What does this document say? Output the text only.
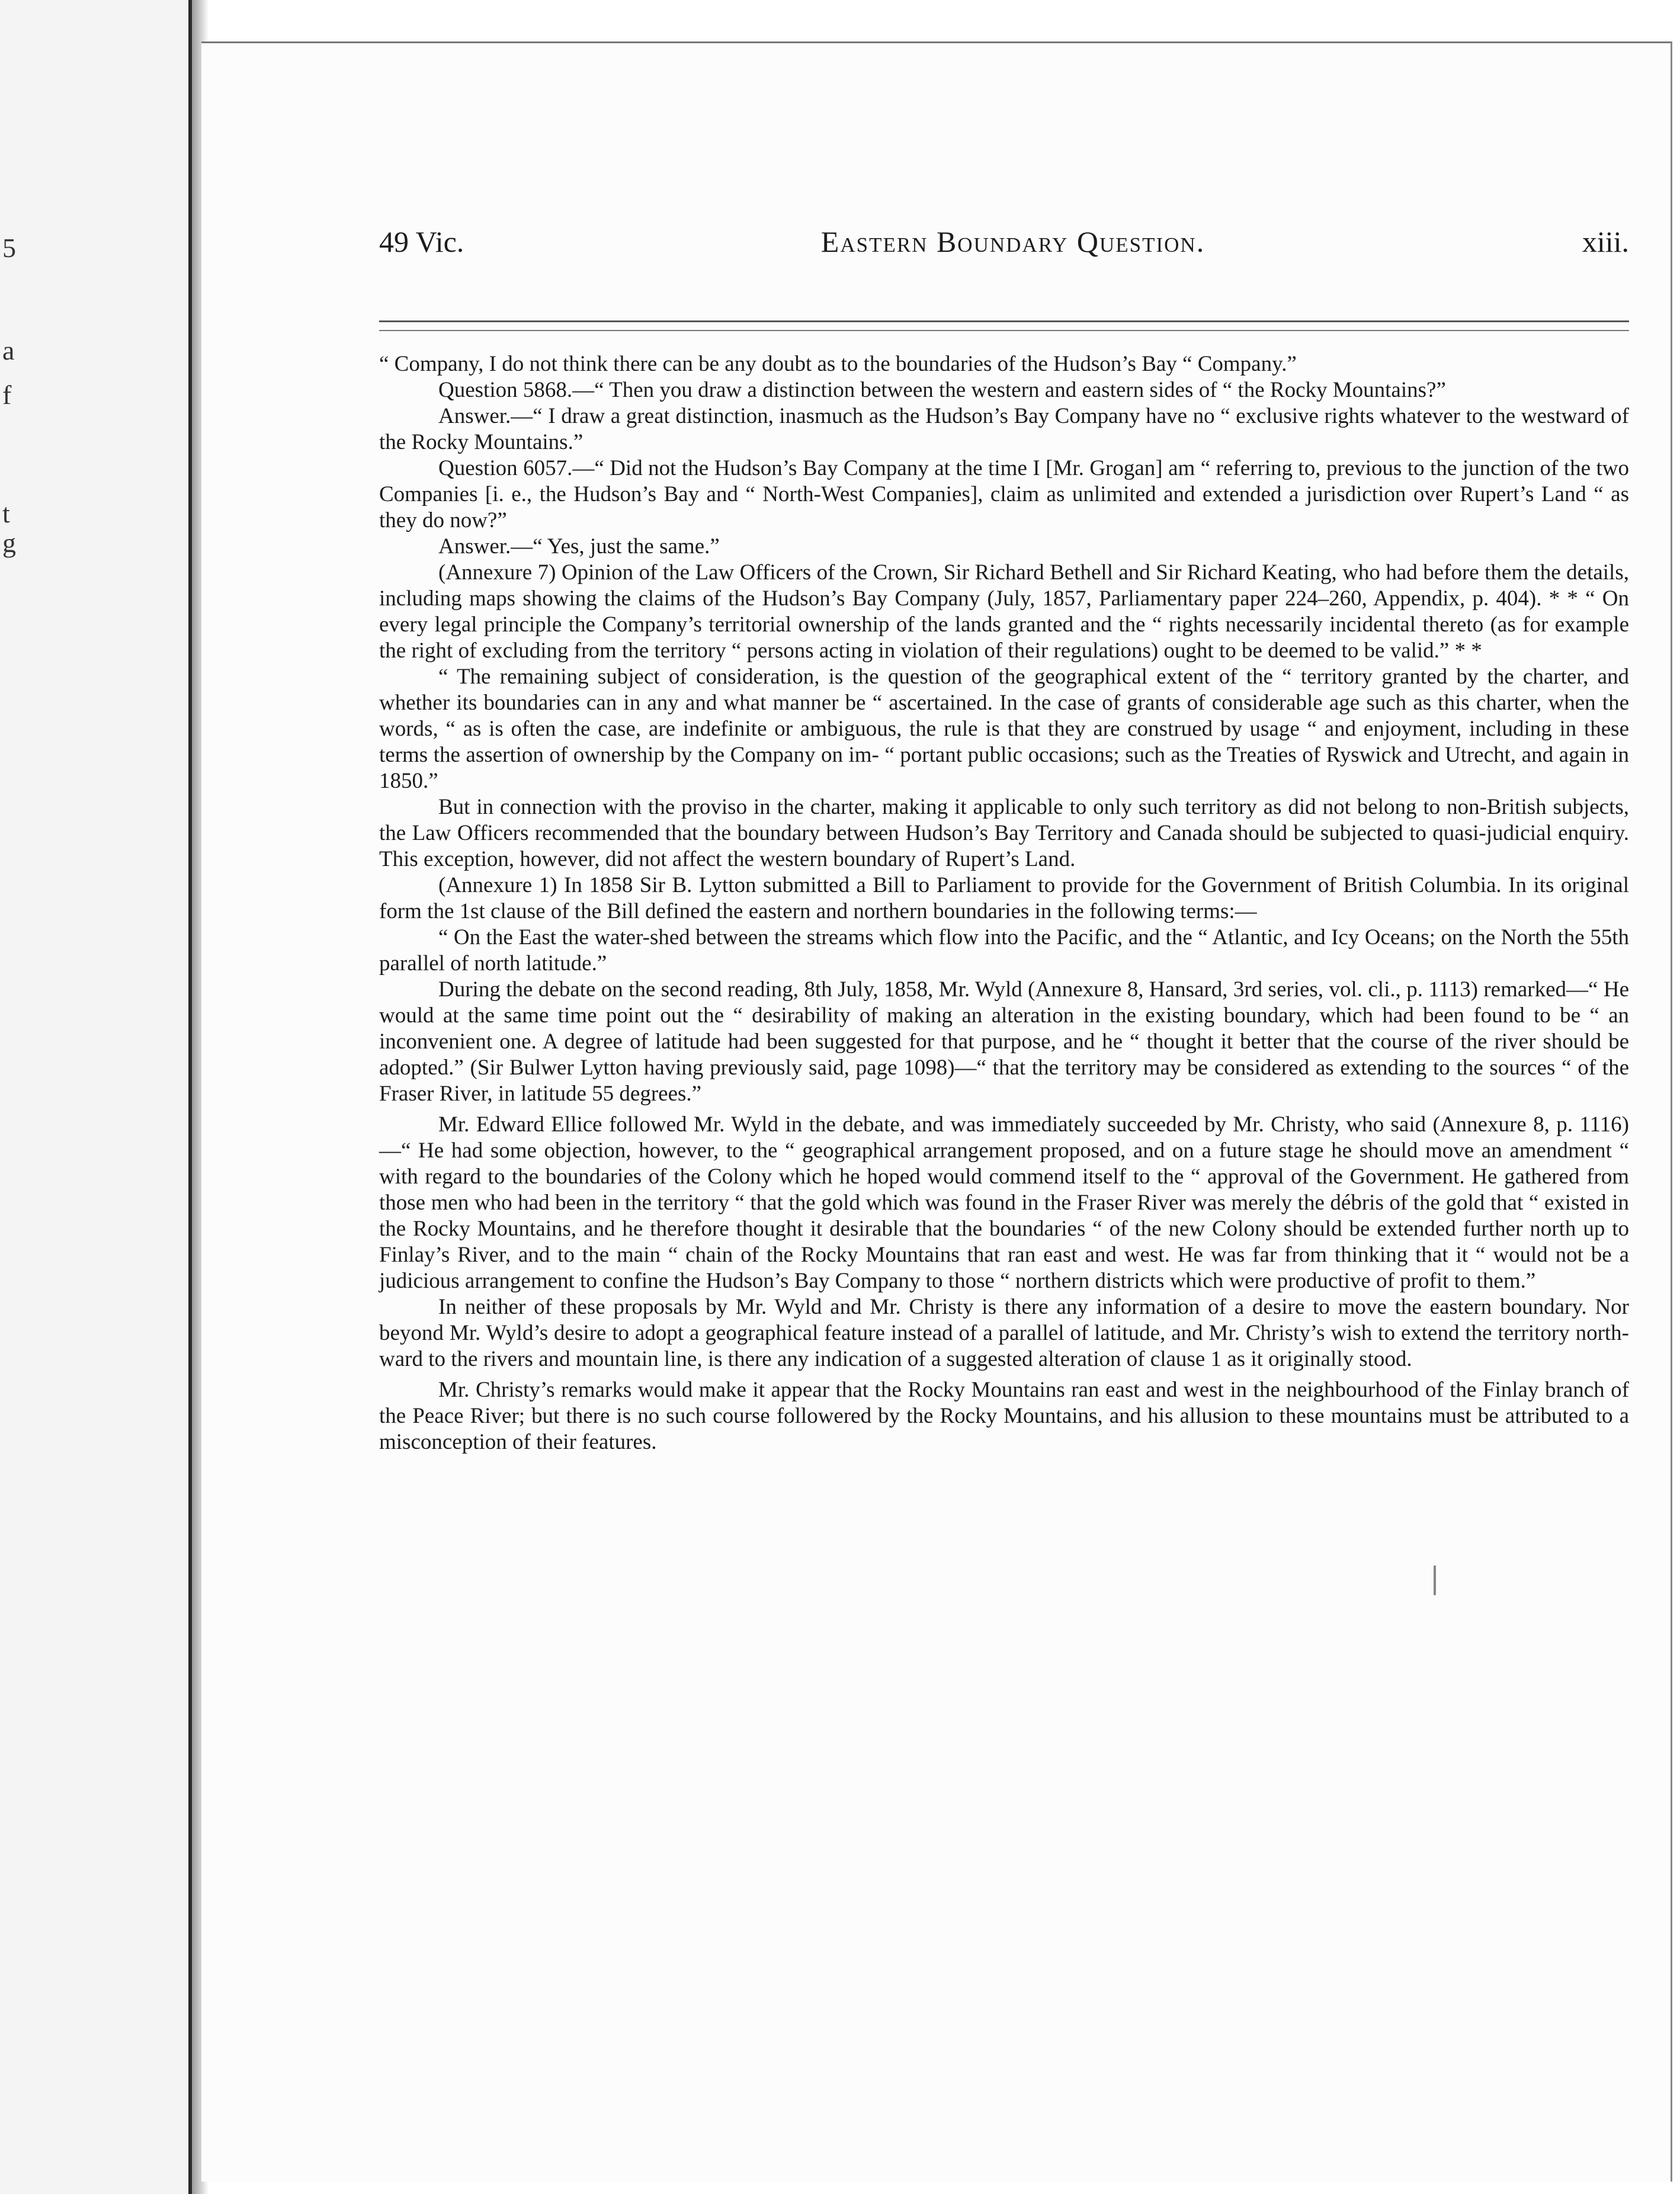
5
a
f
t
g
49 Vic.	Eastern Boundary Question.	xiii.

“ Company, I do not think there can be any doubt as to the boundaries of the Hudson’s Bay “ Company.”

Question 5868.—“ Then you draw a distinction between the western and eastern sides of “ the Rocky Mountains?”

Answer.—“ I draw a great distinction, inasmuch as the Hudson’s Bay Company have no “ exclusive rights whatever to the westward of the Rocky Mountains.”

Question 6057.—“ Did not the Hudson’s Bay Company at the time I [Mr. Grogan] am “ referring to, previous to the junction of the two Companies [i. e., the Hudson’s Bay and “ North-West Companies], claim as unlimited and extended a jurisdiction over Rupert’s Land “ as they do now?”

Answer.—“ Yes, just the same.”

(Annexure 7) Opinion of the Law Officers of the Crown, Sir Richard Bethell and Sir Richard Keating, who had before them the details, including maps showing the claims of the Hudson’s Bay Company (July, 1857, Parliamentary paper 224–260, Appendix, p. 404). * * “ On every legal principle the Company’s territorial ownership of the lands granted and the “ rights necessarily incidental thereto (as for example the right of excluding from the territory “ persons acting in violation of their regulations) ought to be deemed to be valid.” * *

“ The remaining subject of consideration, is the question of the geographical extent of the “ territory granted by the charter, and whether its boundaries can in any and what manner be “ ascertained. In the case of grants of considerable age such as this charter, when the words, “ as is often the case, are indefinite or ambiguous, the rule is that they are construed by usage “ and enjoyment, including in these terms the assertion of ownership by the Company on im- “ portant public occasions; such as the Treaties of Ryswick and Utrecht, and again in 1850.”

But in connection with the proviso in the charter, making it applicable to only such territory as did not belong to non-British subjects, the Law Officers recommended that the boundary between Hudson’s Bay Territory and Canada should be subjected to quasi-judicial enquiry. This exception, however, did not affect the western boundary of Rupert’s Land.

(Annexure 1) In 1858 Sir B. Lytton submitted a Bill to Parliament to provide for the Government of British Columbia. In its original form the 1st clause of the Bill defined the eastern and northern boundaries in the following terms:—

“ On the East the water-shed between the streams which flow into the Pacific, and the “ Atlantic, and Icy Oceans; on the North the 55th parallel of north latitude.”

During the debate on the second reading, 8th July, 1858, Mr. Wyld (Annexure 8, Hansard, 3rd series, vol. cli., p. 1113) remarked—“ He would at the same time point out the “ desirability of making an alteration in the existing boundary, which had been found to be “ an inconvenient one. A degree of latitude had been suggested for that purpose, and he “ thought it better that the course of the river should be adopted.” (Sir Bulwer Lytton having previously said, page 1098)—“ that the territory may be considered as extending to the sources “ of the Fraser River, in latitude 55 degrees.”

Mr. Edward Ellice followed Mr. Wyld in the debate, and was immediately succeeded by Mr. Christy, who said (Annexure 8, p. 1116)—“ He had some objection, however, to the “ geographical arrangement proposed, and on a future stage he should move an amendment “ with regard to the boundaries of the Colony which he hoped would commend itself to the “ approval of the Government. He gathered from those men who had been in the territory “ that the gold which was found in the Fraser River was merely the débris of the gold that “ existed in the Rocky Mountains, and he therefore thought it desirable that the boundaries “ of the new Colony should be extended further north up to Finlay’s River, and to the main “ chain of the Rocky Mountains that ran east and west. He was far from thinking that it “ would not be a judicious arrangement to confine the Hudson’s Bay Company to those “ northern districts which were productive of profit to them.”

In neither of these proposals by Mr. Wyld and Mr. Christy is there any information of a desire to move the eastern boundary. Nor beyond Mr. Wyld’s desire to adopt a geographical feature instead of a parallel of latitude, and Mr. Christy’s wish to extend the territory north- ward to the rivers and mountain line, is there any indication of a suggested alteration of clause 1 as it originally stood.

Mr. Christy’s remarks would make it appear that the Rocky Mountains ran east and west in the neighbourhood of the Finlay branch of the Peace River; but there is no such course followered by the Rocky Mountains, and his allusion to these mountains must be attributed to a misconception of their features.
